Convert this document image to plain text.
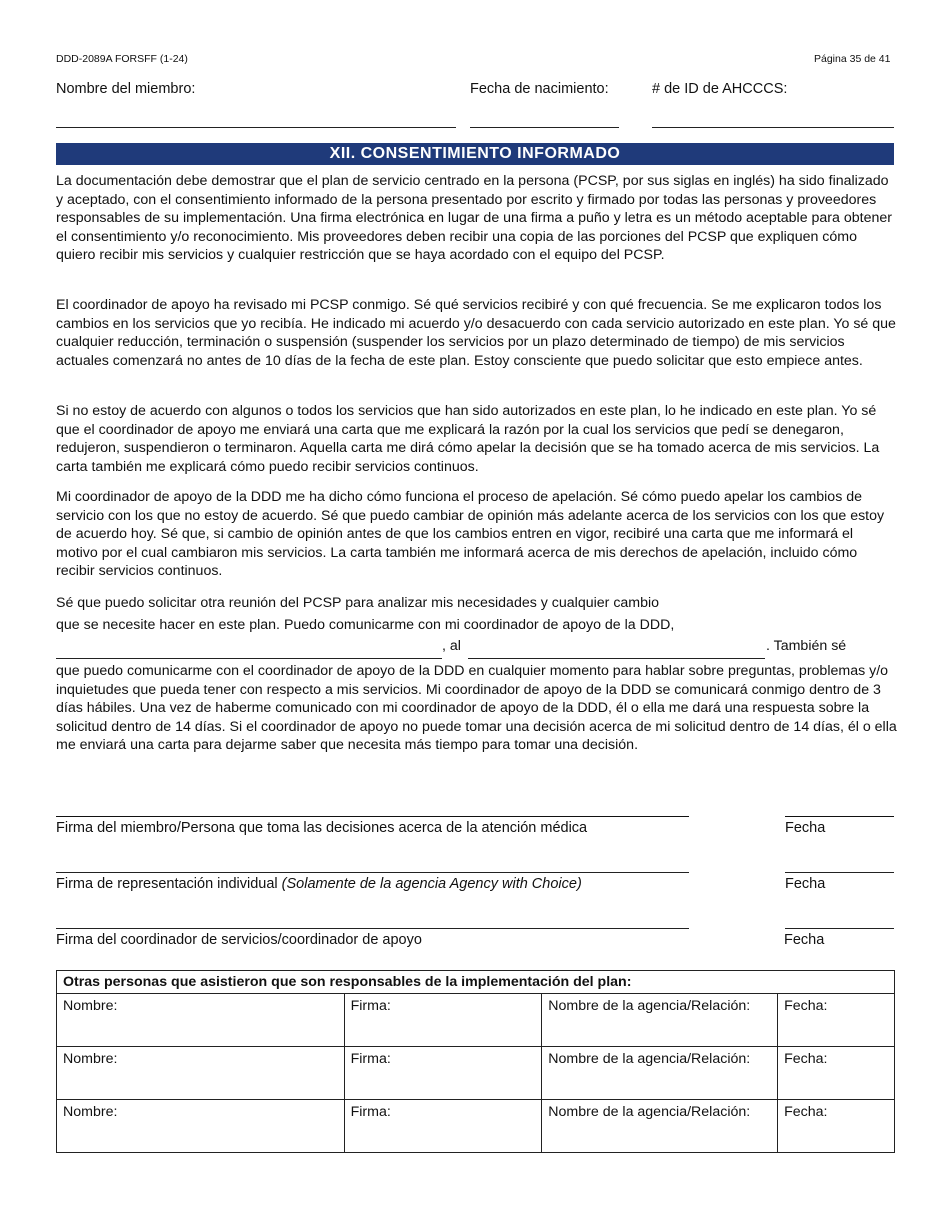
DDD-2089A FORSFF (1-24)	Página 35 de 41
Nombre del miembro:	Fecha de nacimiento:	# de ID de AHCCCS:
XII. CONSENTIMIENTO INFORMADO

La documentación debe demostrar que el plan de servicio centrado en la persona (PCSP, por sus siglas en inglés) ha sido finalizado y aceptado, con el consentimiento informado de la persona presentado por escrito y firmado por todas las personas y proveedores responsables de su implementación. Una firma electrónica en lugar de una firma a puño y letra es un método aceptable para obtener el consentimiento y/o reconocimiento. Mis proveedores deben recibir una copia de las porciones del PCSP que expliquen cómo quiero recibir mis servicios y cualquier restricción que se haya acordado con el equipo del PCSP.

El coordinador de apoyo ha revisado mi PCSP conmigo. Sé qué servicios recibiré y con qué frecuencia. Se me explicaron todos los cambios en los servicios que yo recibía. He indicado mi acuerdo y/o desacuerdo con cada servicio autorizado en este plan. Yo sé que cualquier reducción, terminación o suspensión (suspender los servicios por un plazo determinado de tiempo) de mis servicios actuales comenzará no antes de 10 días de la fecha de este plan. Estoy consciente que puedo solicitar que esto empiece antes.

Si no estoy de acuerdo con algunos o todos los servicios que han sido autorizados en este plan, lo he indicado en este plan. Yo sé que el coordinador de apoyo me enviará una carta que me explicará la razón por la cual los servicios que pedí se denegaron, redujeron, suspendieron o terminaron. Aquella carta me dirá cómo apelar la decisión que se ha tomado acerca de mis servicios. La carta también me explicará cómo puedo recibir servicios continuos.

Mi coordinador de apoyo de la DDD me ha dicho cómo funciona el proceso de apelación. Sé cómo puedo apelar los cambios de servicio con los que no estoy de acuerdo. Sé que puedo cambiar de opinión más adelante acerca de los servicios con los que estoy de acuerdo hoy. Sé que, si cambio de opinión antes de que los cambios entren en vigor, recibiré una carta que me informará el motivo por el cual cambiaron mis servicios. La carta también me informará acerca de mis derechos de apelación, incluido cómo recibir servicios continuos.

Sé que puedo solicitar otra reunión del PCSP para analizar mis necesidades y cualquier cambio
que se necesite hacer en este plan. Puedo comunicarme con mi coordinador de apoyo de la DDD,
, al	. También sé

que puedo comunicarme con el coordinador de apoyo de la DDD en cualquier momento para hablar sobre preguntas, problemas y/o inquietudes que pueda tener con respecto a mis servicios. Mi coordinador de apoyo de la DDD se comunicará conmigo dentro de 3 días hábiles. Una vez de haberme comunicado con mi coordinador de apoyo de la DDD, él o ella me dará una respuesta sobre la solicitud dentro de 14 días. Si el coordinador de apoyo no puede tomar una decisión acerca de mi solicitud dentro de 14 días, él o ella me enviará una carta para dejarme saber que necesita más tiempo para tomar una decisión.

Firma del miembro/Persona que toma las decisiones acerca de la atención médica	Fecha
Firma de representación individual (Solamente de la agencia Agency with Choice)	Fecha
Firma del coordinador de servicios/coordinador de apoyo	Fecha
Otras personas que asistieron que son responsables de la implementación del plan:			
Nombre:	Firma:	Nombre de la agencia/Relación:	Fecha:
Nombre:	Firma:	Nombre de la agencia/Relación:	Fecha:
Nombre:	Firma:	Nombre de la agencia/Relación:	Fecha:
